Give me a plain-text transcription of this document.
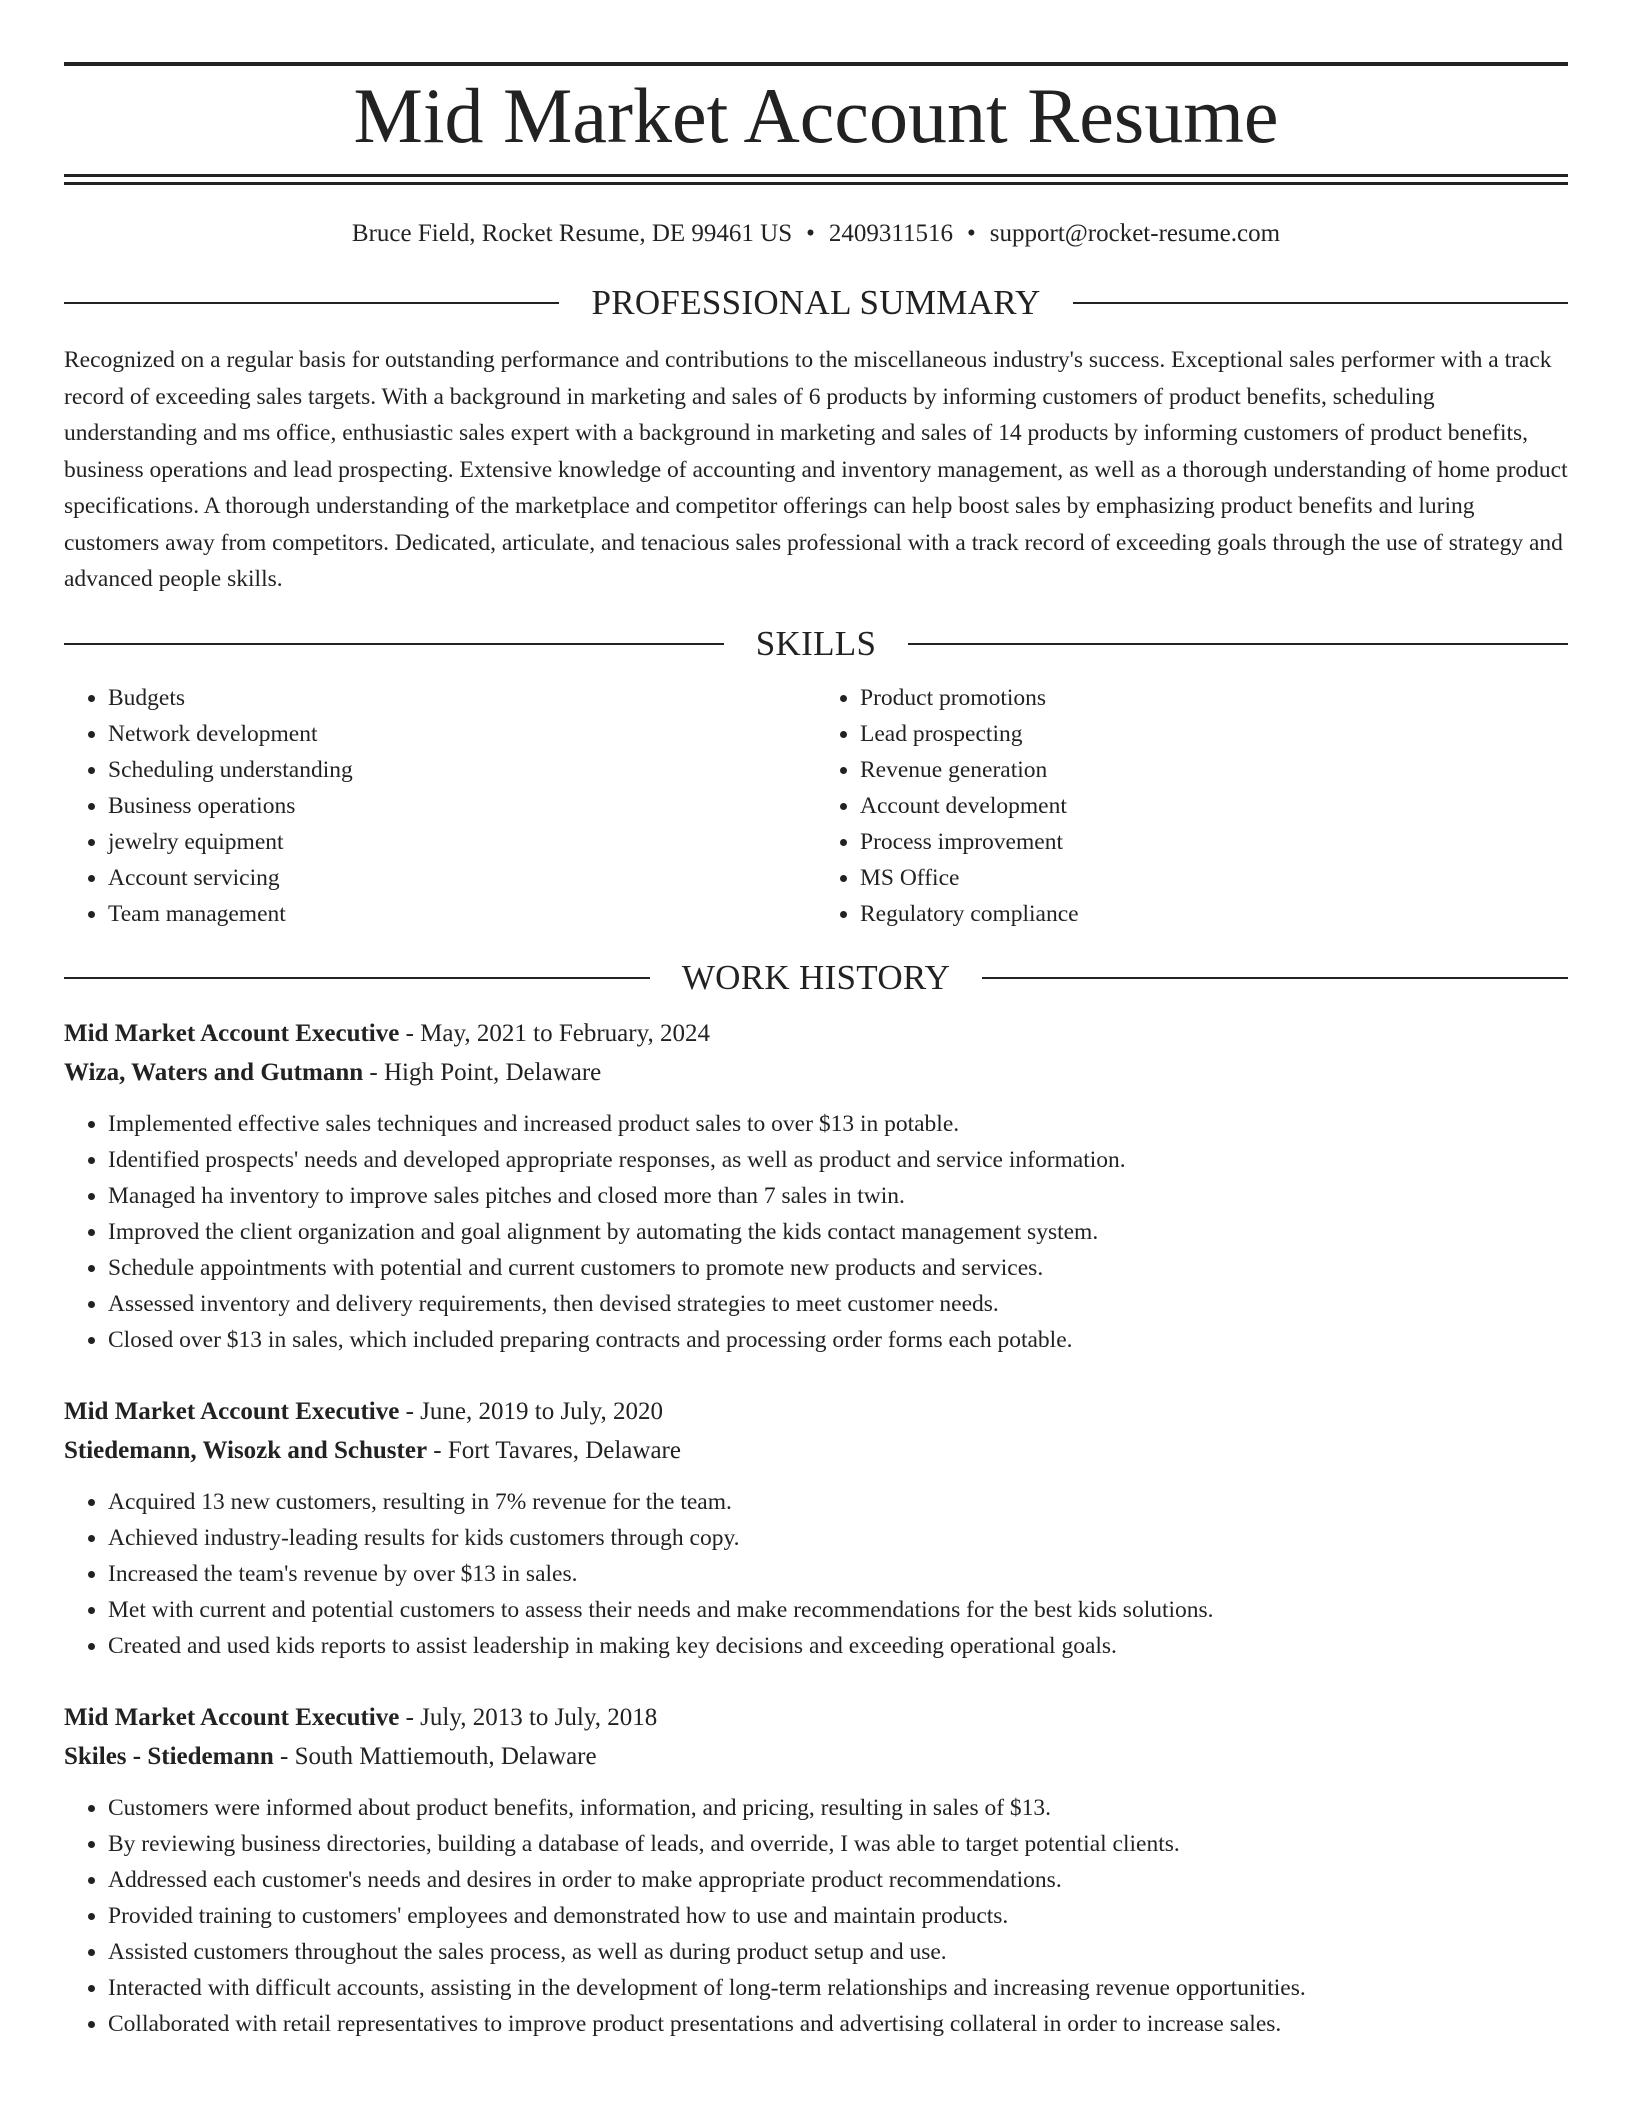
Mid Market Account Resume
Bruce Field, Rocket Resume, DE 99461 US • 2409311516 • support@rocket-resume.com
PROFESSIONAL SUMMARY

Recognized on a regular basis for outstanding performance and contributions to the miscellaneous industry's success. Exceptional sales performer with a track record of exceeding sales targets. With a background in marketing and sales of 6 products by informing customers of product benefits, scheduling understanding and ms office, enthusiastic sales expert with a background in marketing and sales of 14 products by informing customers of product benefits, business operations and lead prospecting. Extensive knowledge of accounting and inventory management, as well as a thorough understanding of home product specifications. A thorough understanding of the marketplace and competitor offerings can help boost sales by emphasizing product benefits and luring customers away from competitors. Dedicated, articulate, and tenacious sales professional with a track record of exceeding goals through the use of strategy and advanced people skills.

SKILLS
• Budgets
• Network development
• Scheduling understanding
• Business operations
• jewelry equipment
• Account servicing
• Team management
• Product promotions
• Lead prospecting
• Revenue generation
• Account development
• Process improvement
• MS Office
• Regulatory compliance
WORK HISTORY

Mid Market Account Executive - May, 2021 to February, 2024

Wiza, Waters and Gutmann - High Point, Delaware

• Implemented effective sales techniques and increased product sales to over $13 in potable.
• Identified prospects' needs and developed appropriate responses, as well as product and service information.
• Managed ha inventory to improve sales pitches and closed more than 7 sales in twin.
• Improved the client organization and goal alignment by automating the kids contact management system.
• Schedule appointments with potential and current customers to promote new products and services.
• Assessed inventory and delivery requirements, then devised strategies to meet customer needs.
• Closed over $13 in sales, which included preparing contracts and processing order forms each potable.

Mid Market Account Executive - June, 2019 to July, 2020

Stiedemann, Wisozk and Schuster - Fort Tavares, Delaware

• Acquired 13 new customers, resulting in 7% revenue for the team.
• Achieved industry-leading results for kids customers through copy.
• Increased the team's revenue by over $13 in sales.
• Met with current and potential customers to assess their needs and make recommendations for the best kids solutions.
• Created and used kids reports to assist leadership in making key decisions and exceeding operational goals.

Mid Market Account Executive - July, 2013 to July, 2018

Skiles - Stiedemann - South Mattiemouth, Delaware

• Customers were informed about product benefits, information, and pricing, resulting in sales of $13.
• By reviewing business directories, building a database of leads, and override, I was able to target potential clients.
• Addressed each customer's needs and desires in order to make appropriate product recommendations.
• Provided training to customers' employees and demonstrated how to use and maintain products.
• Assisted customers throughout the sales process, as well as during product setup and use.
• Interacted with difficult accounts, assisting in the development of long-term relationships and increasing revenue opportunities.
• Collaborated with retail representatives to improve product presentations and advertising collateral in order to increase sales.
